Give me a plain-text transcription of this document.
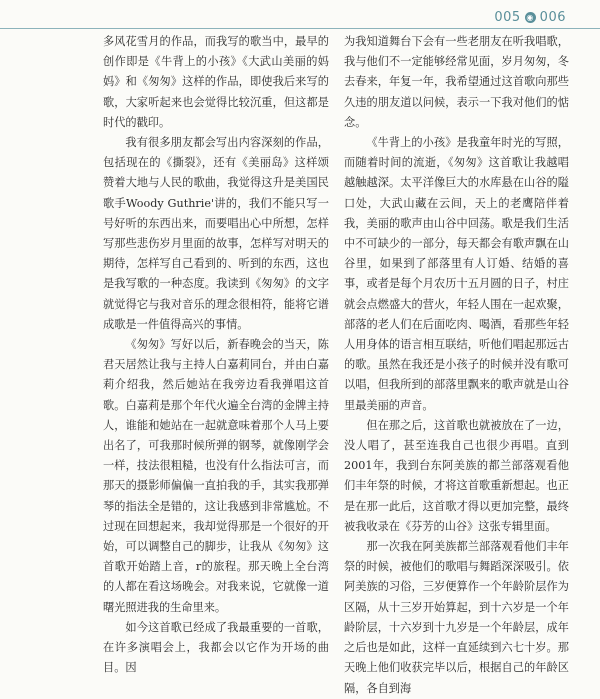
005 ◉ 006

多风花雪月的作品，而我写的歌当中，最早的创作即是《牛背上的小孩》《大武山美丽的妈妈》和《匆匆》这样的作品，即使我后来写的歌，大家听起来也会觉得比较沉重，但这都是时代的戳印。

我有很多朋友都会写出内容深刻的作品，包括现在的《撕裂》，还有《美丽岛》这样颂赞着大地与人民的歌曲，我觉得这升是美国民歌手Woody Guthrie'讲的，我们不能只写一号好听的东西出来，而要唱出心中所想，怎样写那些悲伤岁月里面的故事，怎样写对明天的期待，怎样写自己看到的、听到的东西，这也是我写歌的一种态度。我读到《匆匆》的文字就觉得它与我对音乐的理念很相符，能将它谱成歌是一件值得高兴的事情。

《匆匆》写好以后，新春晚会的当天，陈君天居然让我与主持人白嘉莉同台，并由白嘉莉介绍我，然后她站在我旁边看我弹唱这首歌。白嘉莉是那个年代火遍全台湾的金牌主持人，谁能和她站在一起就意味着那个人马上要出名了，可我那时候所弹的钢琴，就像刚学会一样，技法很粗糙，也没有什么指法可言，而那天的摄影师偏偏一直拍我的手，其实我那弹琴的指法全是错的，这让我感到非常尴尬。不过现在回想起来，我却觉得那是一个很好的开始，可以调整自己的脚步，让我从《匆匆》这首歌开始踏上音，r的旅程。那天晚上全台湾的人都在看这场晚会。对我来说，它就像一道曙光照进我的生命里来。

如今这首歌已经成了我最重要的一首歌，在许多演唱会上，我都会以它作为开场的曲目。因

为我知道舞台下会有一些老朋友在听我唱歌，我与他们不一定能够经常见面，岁月匆匆，冬去春来，年复一年，我希望通过这首歌向那些久违的朋友道以问候，表示一下我对他们的惦念。

《牛背上的小孩》是我童年时光的写照，而随着时间的流逝，《匆匆》这首歌让我越唱越触越深。太平洋像巨大的水库悬在山谷的隘口处，大武山藏在云间，天上的老鹰陪伴着我，美丽的歌声由山谷中回荡。歌是我们生活中不可缺少的一部分，每天都会有歌声飘在山谷里，如果到了部落里有人订婚、结婚的喜事，或者是每个月农历十五月圆的日子，村庄就会点燃盛大的营火，年轻人围在一起欢聚，部落的老人们在后面吃肉、喝酒，看那些年轻人用身体的语言相互联结，听他们唱起那远古的歌。虽然在我还是小孩子的时候并没有歌可以唱，但我所到的部落里飘来的歌声就是山谷里最美丽的声音。

但在那之后，这首歌也就被放在了一边，没人唱了，甚至连我自己也很少再唱。直到2001年，我到台东阿美族的都兰部落观看他们丰年祭的时候，才将这首歌重新想起。也正是在那一此后，这首歌才得以更加完整，最终被我收录在《芬芳的山谷》这张专辑里面。

那一次我在阿美族都兰部落观看他们丰年祭的时候，被他们的歌唱与舞蹈深深吸引。依阿美族的习俗，三岁便算作一个年龄阶层作为区隔，从十三岁开始算起，到十六岁是一个年龄阶层，十六岁到十九岁是一个年龄层，成年之后也是如此，这样一直延续到六七十岁。那天晚上他们收获完毕以后，根据自己的年龄区隔，各自到海
